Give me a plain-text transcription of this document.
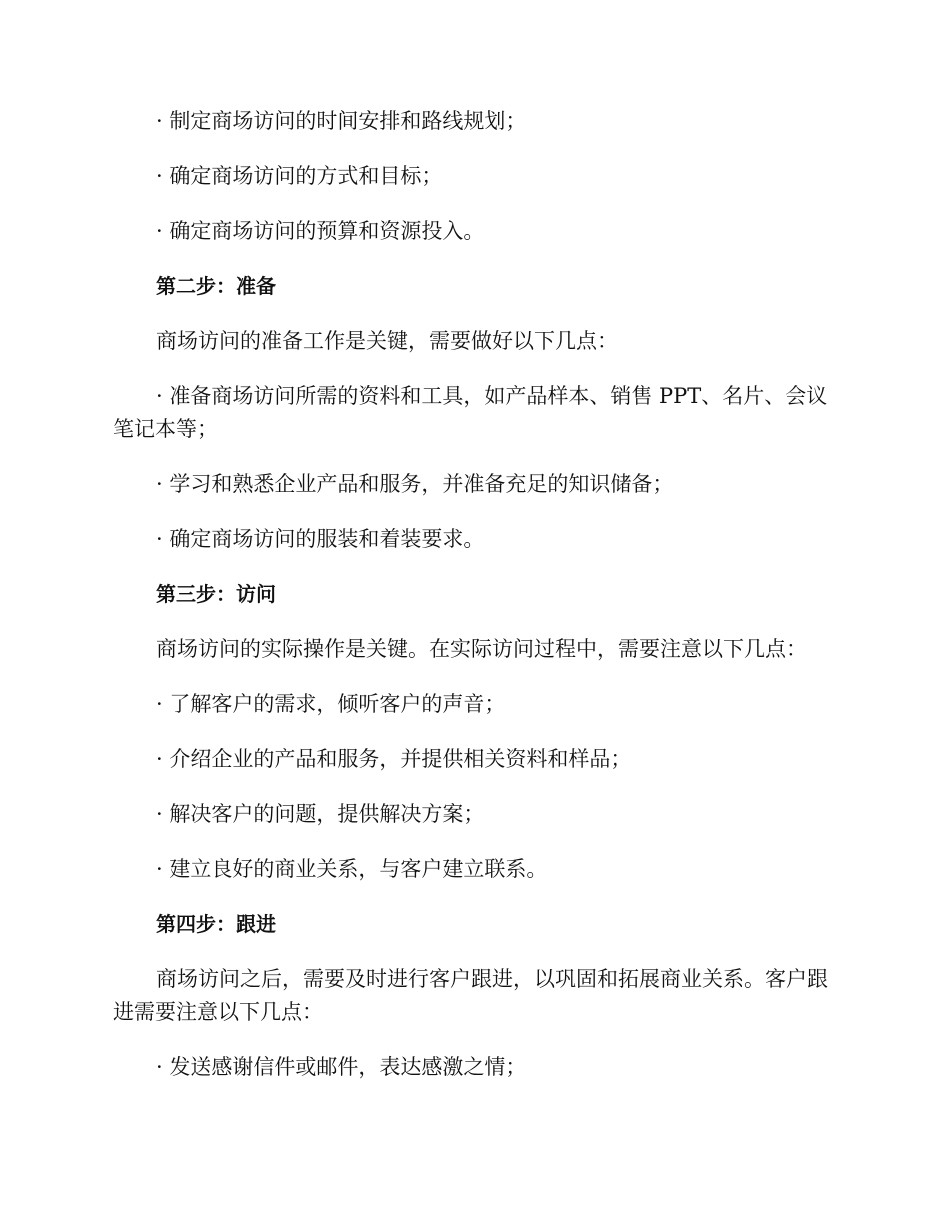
· 制定商场访问的时间安排和路线规划；

· 确定商场访问的方式和目标；

· 确定商场访问的预算和资源投入。

第二步：准备

商场访问的准备工作是关键，需要做好以下几点：

· 准备商场访问所需的资料和工具，如产品样本、销售 PPT、名片、会议笔记本等；

· 学习和熟悉企业产品和服务，并准备充足的知识储备；

· 确定商场访问的服装和着装要求。

第三步：访问

商场访问的实际操作是关键。在实际访问过程中，需要注意以下几点：

· 了解客户的需求，倾听客户的声音；

· 介绍企业的产品和服务，并提供相关资料和样品；

· 解决客户的问题，提供解决方案；

· 建立良好的商业关系，与客户建立联系。

第四步：跟进

商场访问之后，需要及时进行客户跟进，以巩固和拓展商业关系。客户跟进需要注意以下几点：

· 发送感谢信件或邮件，表达感激之情；
